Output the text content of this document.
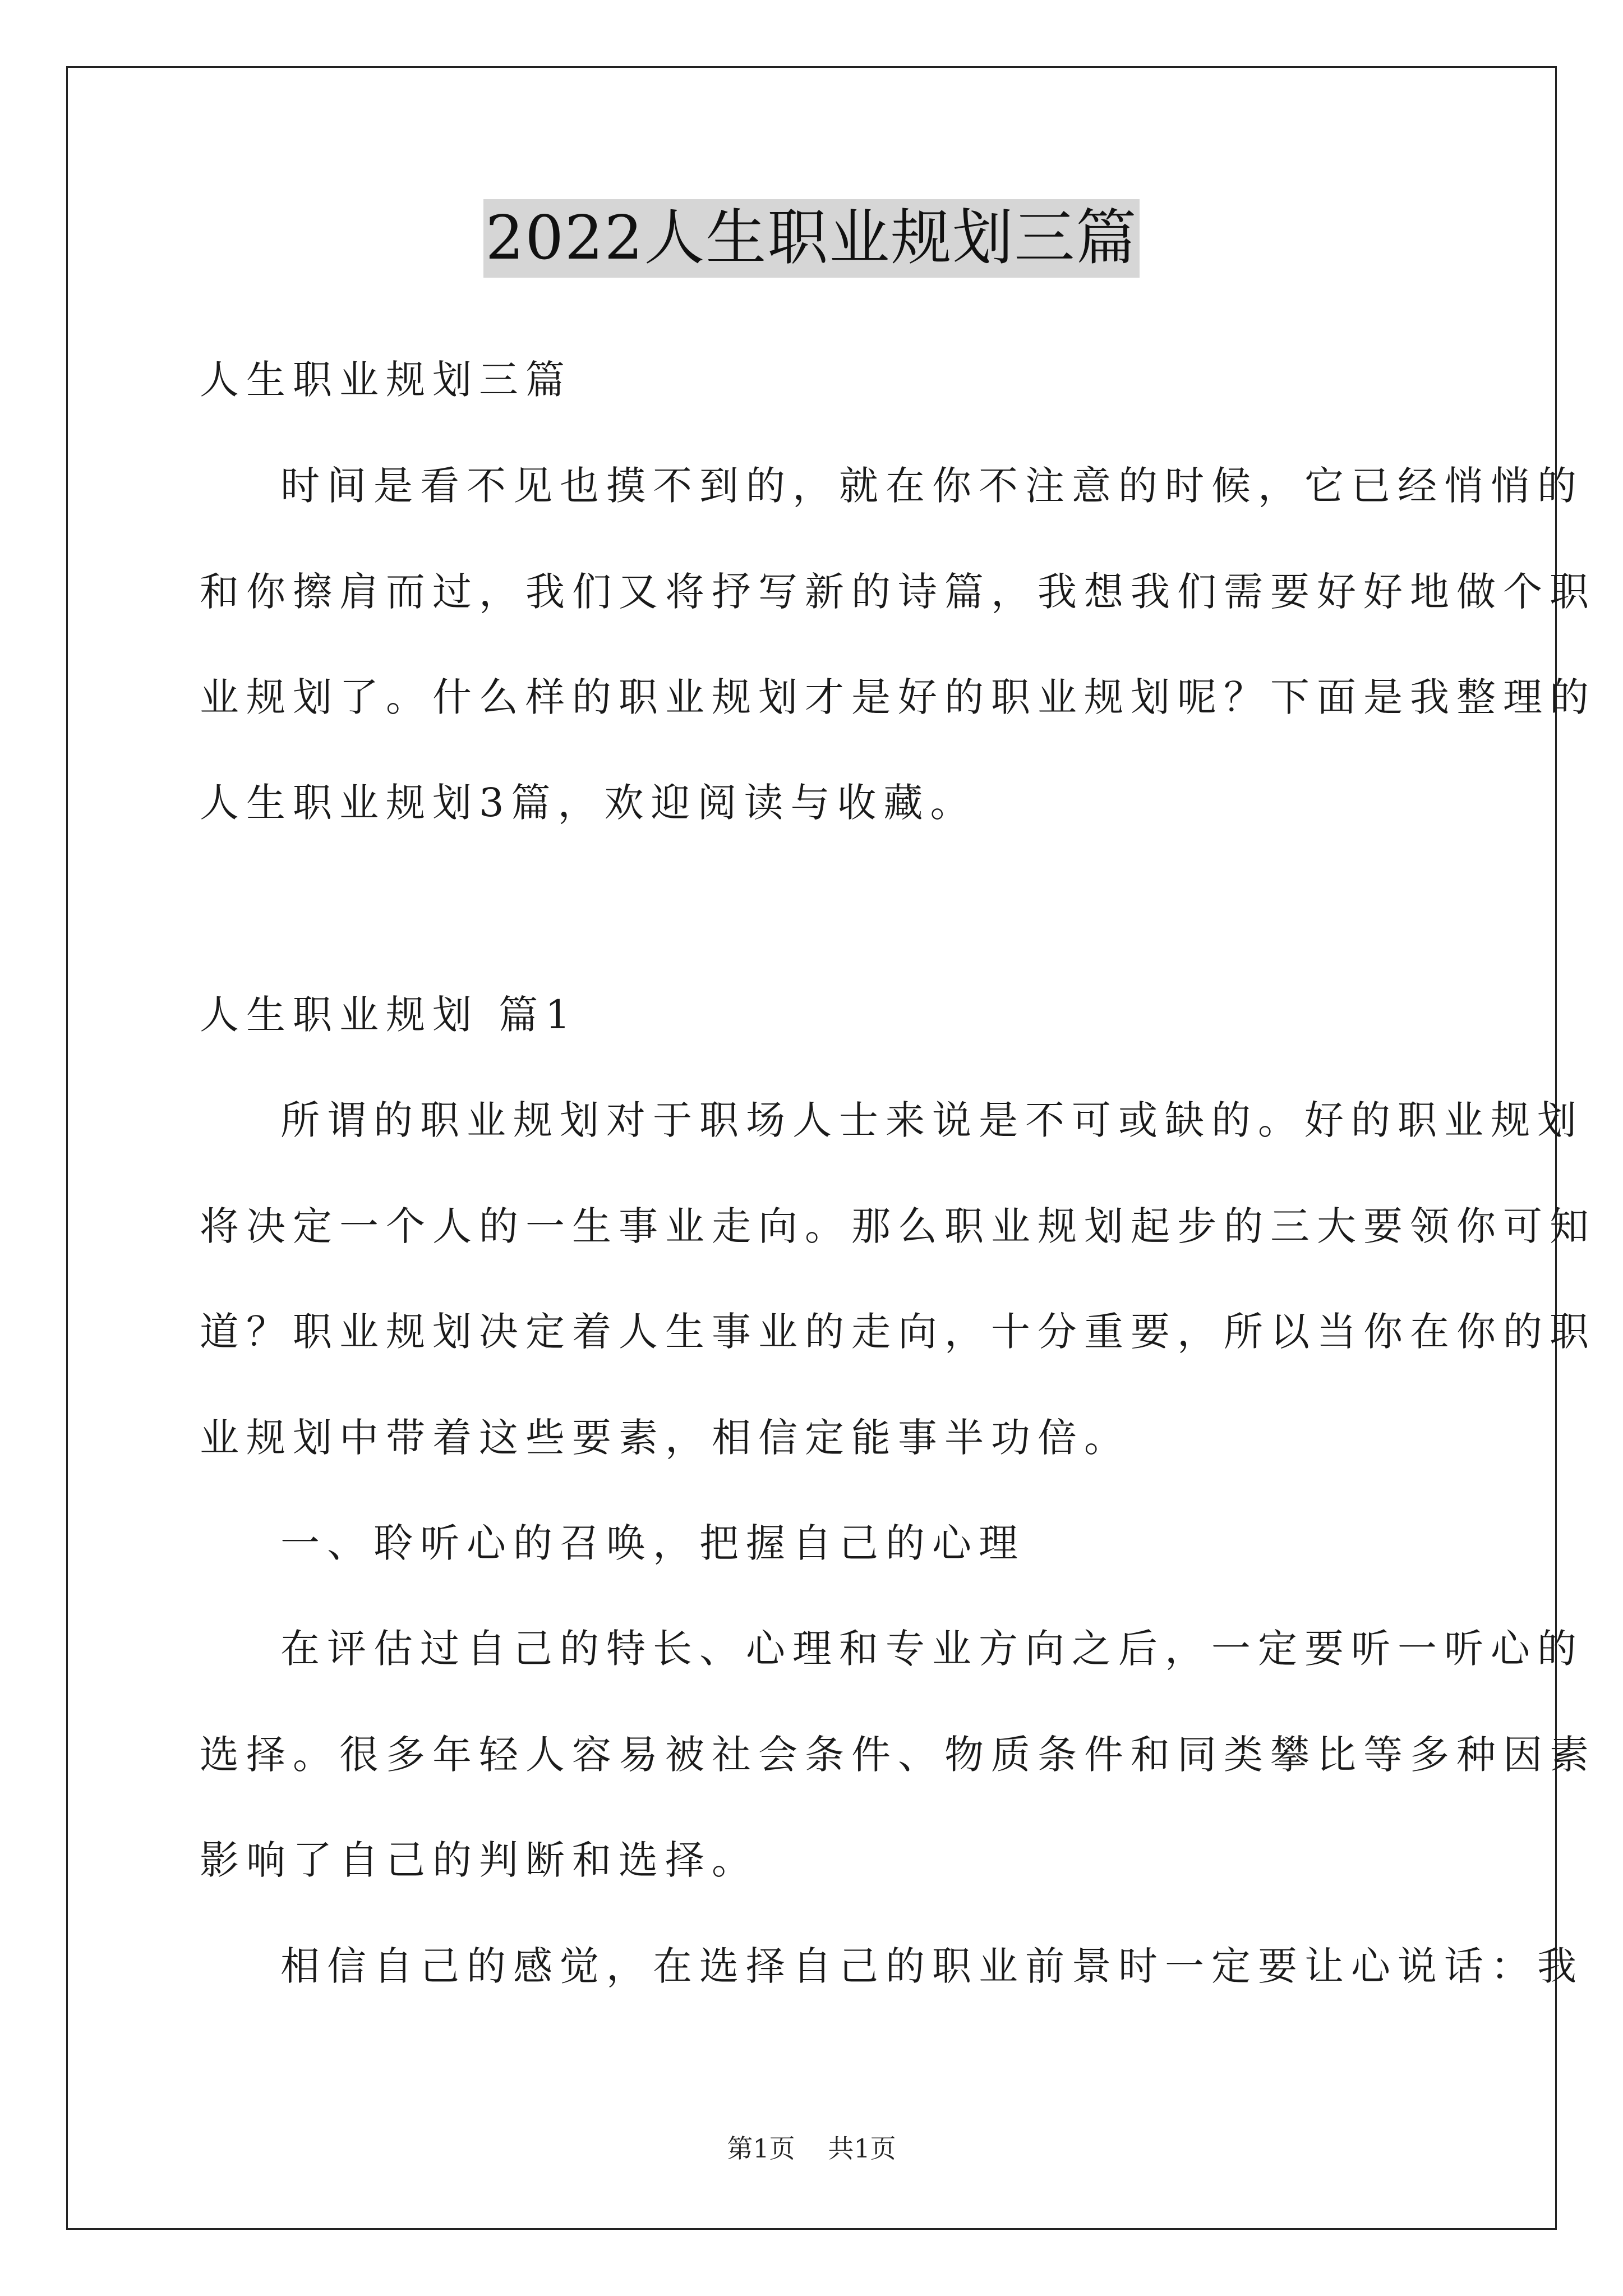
2022人生职业规划三篇
人生职业规划三篇
时间是看不见也摸不到的，就在你不注意的时候，它已经悄悄的
和你擦肩而过，我们又将抒写新的诗篇，我想我们需要好好地做个职
业规划了。什么样的职业规划才是好的职业规划呢？下面是我整理的
人生职业规划3篇，欢迎阅读与收藏。
人生职业规划 篇1
所谓的职业规划对于职场人士来说是不可或缺的。好的职业规划
将决定一个人的一生事业走向。那么职业规划起步的三大要领你可知
道？职业规划决定着人生事业的走向，十分重要，所以当你在你的职
业规划中带着这些要素，相信定能事半功倍。
一、聆听心的召唤，把握自己的心理
在评估过自己的特长、心理和专业方向之后，一定要听一听心的
选择。很多年轻人容易被社会条件、物质条件和同类攀比等多种因素
影响了自己的判断和选择。
相信自己的感觉，在选择自己的职业前景时一定要让心说话：我
第1页 共1页
